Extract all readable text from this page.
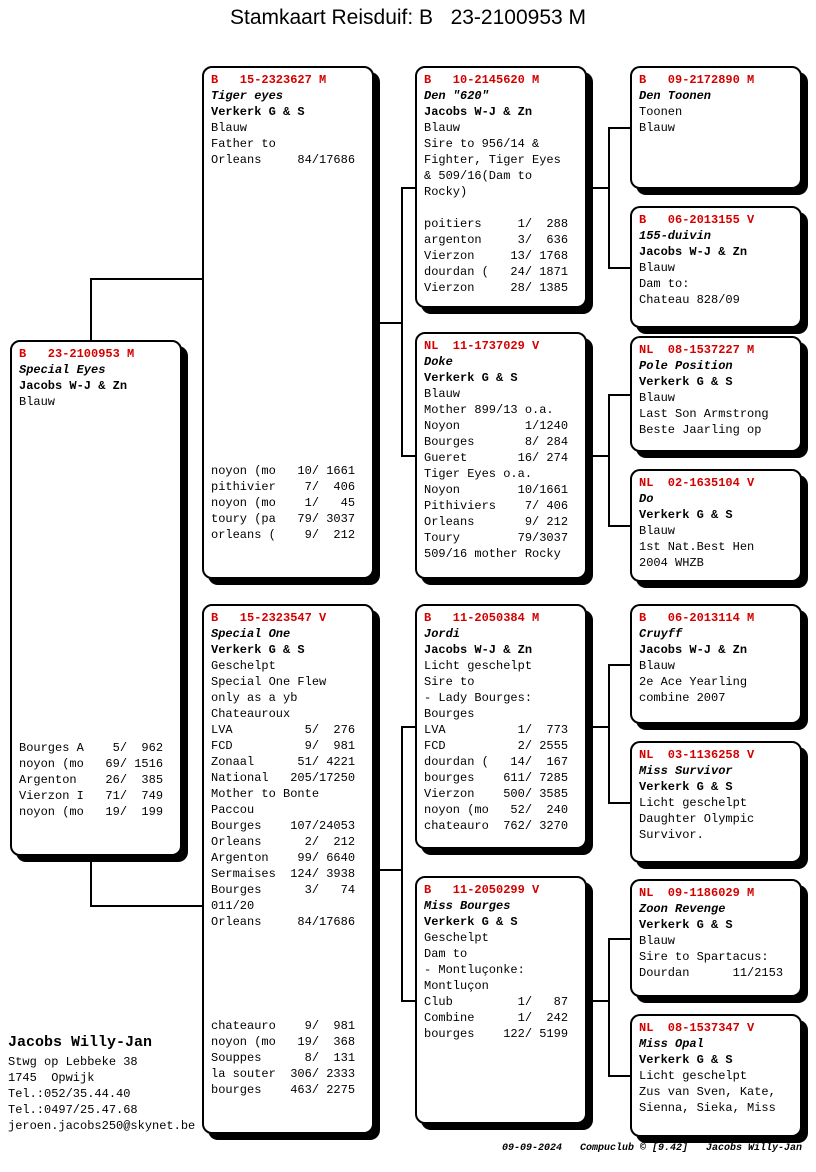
Stamkaart Reisduif: B   23-2100953 M
B   23-2100953 M
Special Eyes
Jacobs W-J & Zn
Blauw
Bourges A    5/  962
noyon (mo   69/ 1516
Argenton    26/  385
Vierzon I   71/  749
noyon (mo   19/  199
B   15-2323627 M
Tiger eyes
Verkerk G & S
Blauw
Father to
Orleans     84/17686
noyon (mo   10/ 1661
pithivier    7/  406
noyon (mo    1/   45
toury (pa   79/ 3037
orleans (    9/  212
B   15-2323547 V
Special One
Verkerk G & S
Geschelpt
Special One Flew
only as a yb
Chateauroux
LVA          5/  276
FCD          9/  981
Zonaal      51/ 4221
National   205/17250
Mother to Bonte
Paccou
Bourges    107/24053
Orleans      2/  212
Argenton    99/ 6640
Sermaises  124/ 3938
Bourges      3/   74
011/20
Orleans     84/17686
chateauro    9/  981
noyon (mo   19/  368
Souppes      8/  131
la souter  306/ 2333
bourges    463/ 2275
B   10-2145620 M
Den "620"
Jacobs W-J & Zn
Blauw
Sire to 956/14 &
Fighter, Tiger Eyes
& 509/16(Dam to
Rocky)

poitiers     1/  288
argenton     3/  636
Vierzon     13/ 1768
dourdan (   24/ 1871
Vierzon     28/ 1385
NL  11-1737029 V
Doke
Verkerk G & S
Blauw
Mother 899/13 o.a.
Noyon         1/1240
Bourges       8/ 284
Gueret       16/ 274
Tiger Eyes o.a.
Noyon        10/1661
Pithiviers    7/ 406
Orleans       9/ 212
Toury        79/3037
509/16 mother Rocky
B   11-2050384 M
Jordi
Jacobs W-J & Zn
Licht geschelpt
Sire to
- Lady Bourges:
Bourges
LVA          1/  773
FCD          2/ 2555
dourdan (   14/  167
bourges    611/ 7285
Vierzon    500/ 3585
noyon (mo   52/  240
chateauro  762/ 3270
B   11-2050299 V
Miss Bourges
Verkerk G & S
Geschelpt
Dam to
- Montluçonke:
Montluçon
Club         1/   87
Combine      1/  242
bourges    122/ 5199
B   09-2172890 M
Den Toonen
Toonen
Blauw
B   06-2013155 V
155-duivin
Jacobs W-J & Zn
Blauw
Dam to:
Chateau 828/09
NL  08-1537227 M
Pole Position
Verkerk G & S
Blauw
Last Son Armstrong
Beste Jaarling op
NL  02-1635104 V
Do
Verkerk G & S
Blauw
1st Nat.Best Hen
2004 WHZB
B   06-2013114 M
Cruyff
Jacobs W-J & Zn
Blauw
2e Ace Yearling
combine 2007
NL  03-1136258 V
Miss Survivor
Verkerk G & S
Licht geschelpt
Daughter Olympic
Survivor.
NL  09-1186029 M
Zoon Revenge
Verkerk G & S
Blauw
Sire to Spartacus:
Dourdan      11/2153
NL  08-1537347 V
Miss Opal
Verkerk G & S
Licht geschelpt
Zus van Sven, Kate,
Sienna, Sieka, Miss
Jacobs Willy-Jan
Stwg op Lebbeke 38
1745  Opwijk
Tel.:052/35.44.40
Tel.:0497/25.47.68
jeroen.jacobs250@skynet.be
09-09-2024   Compuclub © [9.42]   Jacobs Willy-Jan
